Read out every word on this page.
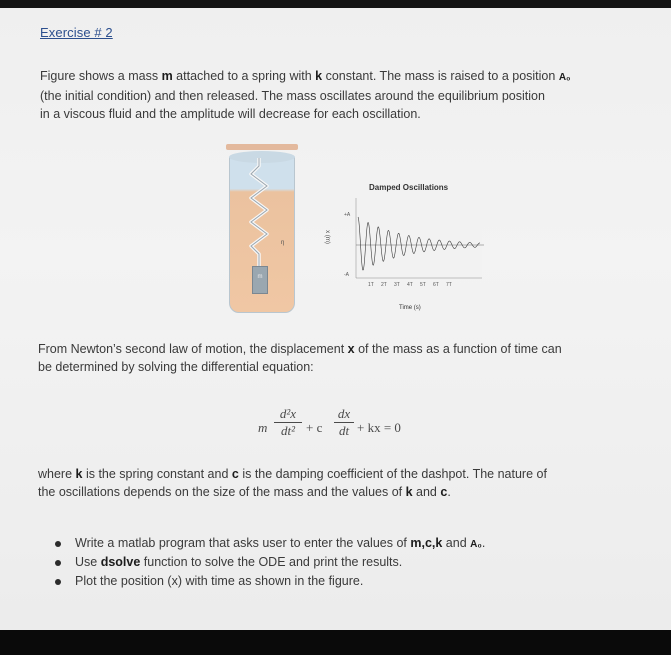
Exercise # 2
Figure shows a mass m attached to a spring with k constant. The mass is raised to a position A₀
(the initial condition) and then released. The mass oscillates around the equilibrium position
in a viscous fluid and the amplitude will decrease for each oscillation.
m
η	x (m)
Damped Oscillations
+A
-A
1T 2T 3T 4T 5T 6T 7T
Time (s)
From Newton’s second law of motion, the displacement x of the mass as a function of time can
be determined by solving the differential equation:
m
d²x
dt² + c
dx
dt + kx = 0
where k is the spring constant and c is the damping coefficient of the dashpot. The nature of
the oscillations depends on the size of the mass and the values of k and c.
Write a matlab program that asks user to enter the values of m,c,k and A₀.
Use dsolve function to solve the ODE and print the results.
Plot the position (x) with time as shown in the figure.
